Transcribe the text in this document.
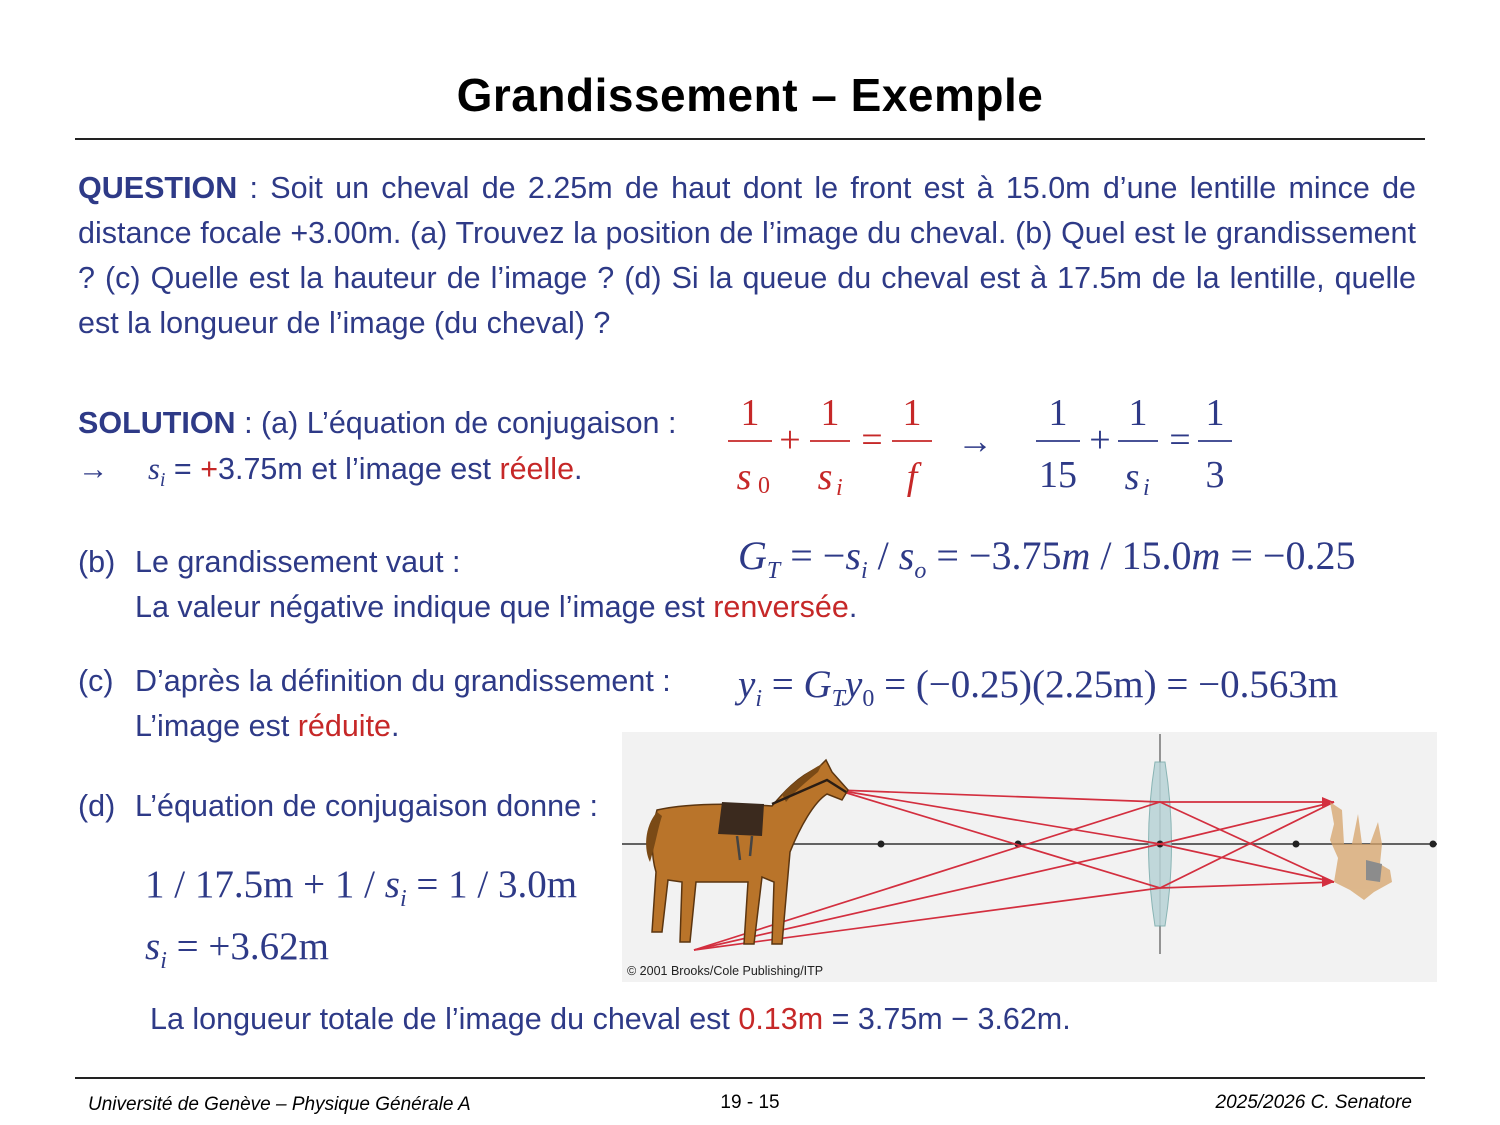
Grandissement – Exemple
QUESTION : Soit un cheval de 2.25m de haut dont le front est à 15.0m d’une lentille mince de distance focale +3.00m. (a) Trouvez la position de l’image du cheval. (b) Quel est le grandissement ? (c) Quelle est la hauteur de l’image ? (d) Si la queue du cheval est à 17.5m de la lentille, quelle est la longueur de l’image (du cheval) ?
SOLUTION : (a) L’équation de conjugaison :
→ $s_i = +3.75m$ et l’image est réelle.
1
s 0
+
1
s i
=
1
f
→
1
15
+
1
s i
=
1
3
(b) Le grandissement vaut :
La valeur négative indique que l’image est renversée.
$G_T = -s_i / s_o = -3.75m / 15.0m = -0.25$
(c) D’après la définition du grandissement :
L’image est réduite.
$y_i = G_Ty_0 = (-0.25)(2.25m) = -0.563m$
(d) L’équation de conjugaison donne :
$1 / 17.5m + 1 / s_i = 1 / 3.0m$
$s_i = +3.62m$
La longueur totale de l’image du cheval est 0.13m = 3.75m − 3.62m.
© 2001 Brooks/Cole Publishing/ITP
Université de Genève – Physique Générale A	19 - 15	2025/2026 C. Senatore
